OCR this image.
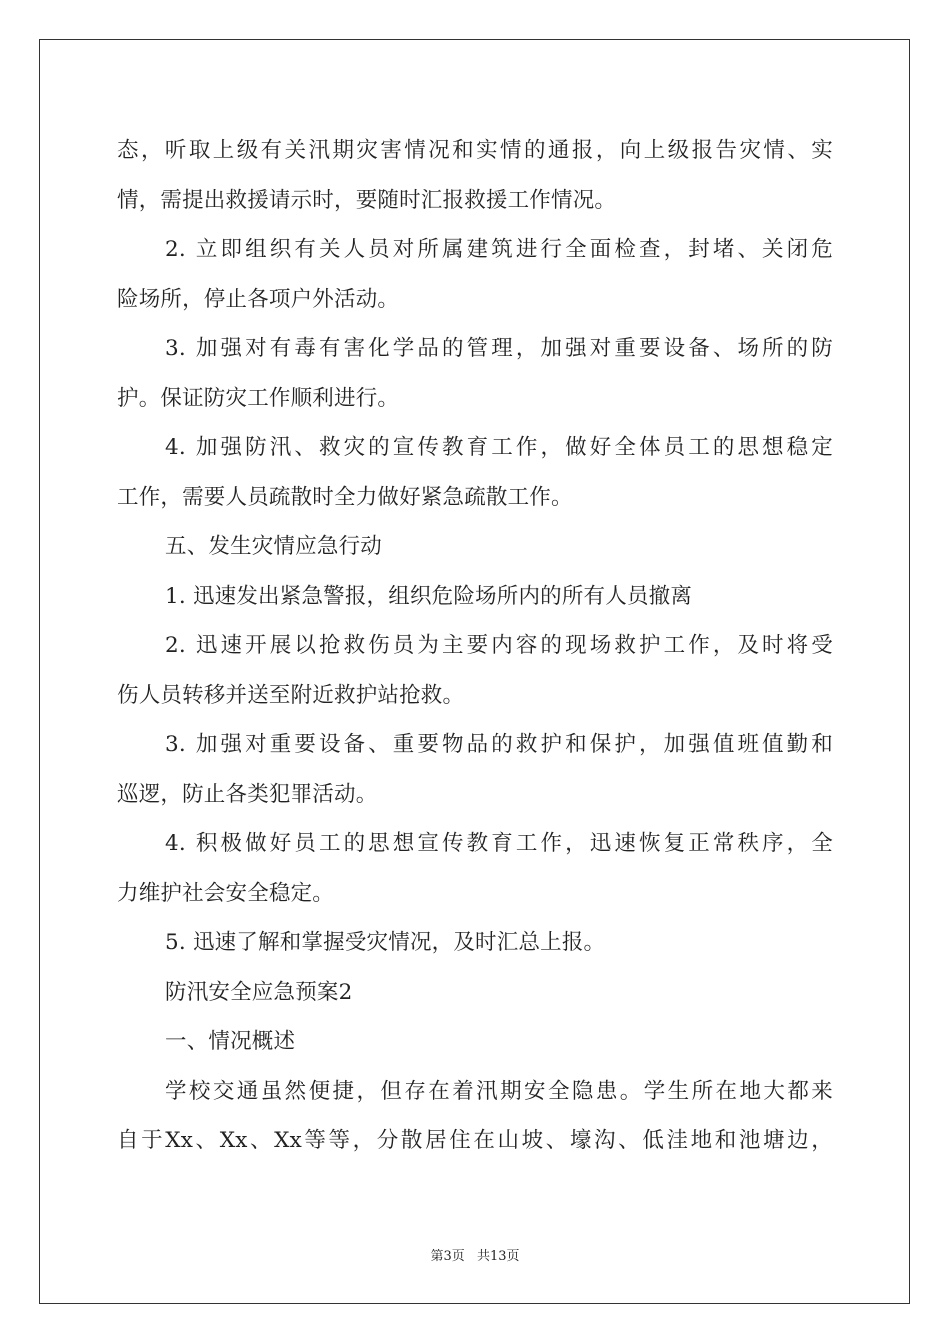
态，听取上级有关汛期灾害情况和实情的通报，向上级报告灾情、实
情，需提出救援请示时，要随时汇报救援工作情况。
2. 立即组织有关人员对所属建筑进行全面检查，封堵、关闭危
险场所，停止各项户外活动。
3. 加强对有毒有害化学品的管理，加强对重要设备、场所的防
护。保证防灾工作顺利进行。
4. 加强防汛、救灾的宣传教育工作，做好全体员工的思想稳定
工作，需要人员疏散时全力做好紧急疏散工作。
五、发生灾情应急行动
1. 迅速发出紧急警报，组织危险场所内的所有人员撤离
2. 迅速开展以抢救伤员为主要内容的现场救护工作，及时将受
伤人员转移并送至附近救护站抢救。
3. 加强对重要设备、重要物品的救护和保护，加强值班值勤和
巡逻，防止各类犯罪活动。
4. 积极做好员工的思想宣传教育工作，迅速恢复正常秩序，全
力维护社会安全稳定。
5. 迅速了解和掌握受灾情况，及时汇总上报。
防汛安全应急预案2
一、情况概述
学校交通虽然便捷，但存在着汛期安全隐患。学生所在地大都来
自于Xx、Xx、Xx等等，分散居住在山坡、壕沟、低洼地和池塘边，
第3页 共13页
